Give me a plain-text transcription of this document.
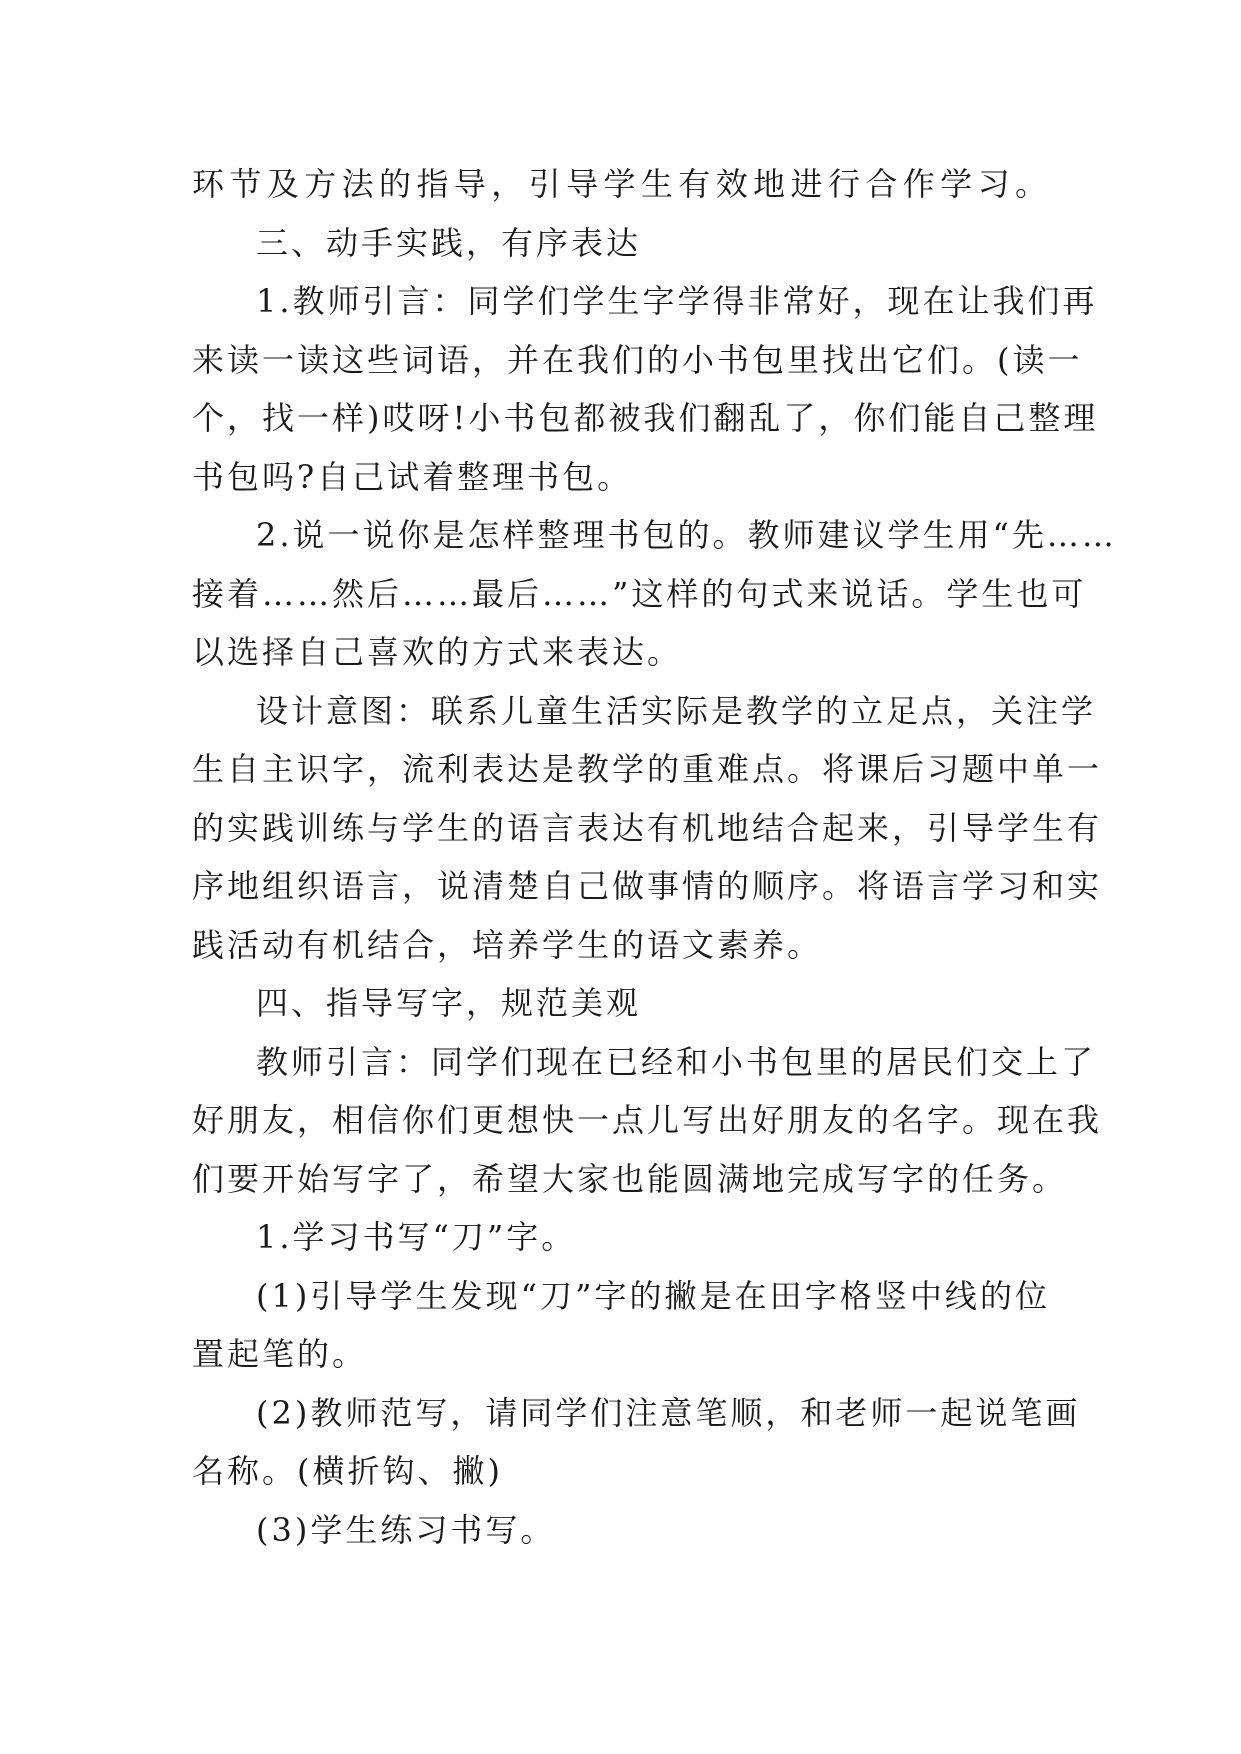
环节及方法的指导，引导学生有效地进行合作学习。
三、动手实践，有序表达
1.教师引言：同学们学生字学得非常好，现在让我们再
来读一读这些词语，并在我们的小书包里找出它们。(读一
个，找一样)哎呀!小书包都被我们翻乱了，你们能自己整理
书包吗?自己试着整理书包。
2.说一说你是怎样整理书包的。教师建议学生用“先……
接着……然后……最后……”这样的句式来说话。学生也可
以选择自己喜欢的方式来表达。
设计意图：联系儿童生活实际是教学的立足点，关注学
生自主识字，流利表达是教学的重难点。将课后习题中单一
的实践训练与学生的语言表达有机地结合起来，引导学生有
序地组织语言，说清楚自己做事情的顺序。将语言学习和实
践活动有机结合，培养学生的语文素养。
四、指导写字，规范美观
教师引言：同学们现在已经和小书包里的居民们交上了
好朋友，相信你们更想快一点儿写出好朋友的名字。现在我
们要开始写字了，希望大家也能圆满地完成写字的任务。
1.学习书写“刀”字。
(1)引导学生发现“刀”字的撇是在田字格竖中线的位
置起笔的。
(2)教师范写，请同学们注意笔顺，和老师一起说笔画
名称。(横折钩、撇)
(3)学生练习书写。
